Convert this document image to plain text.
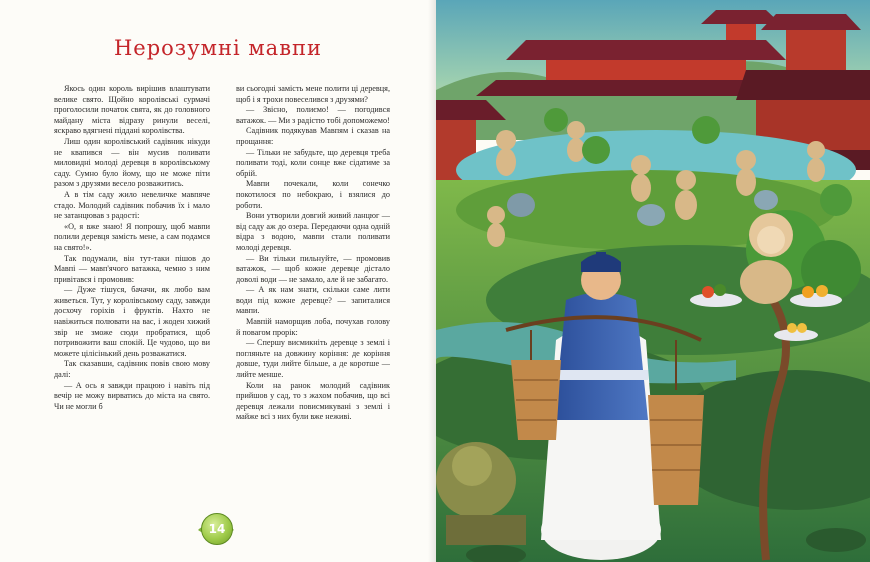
Нерозумні мавпи

Якось один король вирішив влаштувати велике свято. Щойно королівські сурмачі проголосили початок свята, як до головного майдану міста відразу ринули веселі, яскраво вдягнені піддані королівства.

Лиш один королівський садівник нікуди не квапився — він мусив поливати миловидні молоді деревця в королівському саду. Сумно було йому, що не може піти разом з друзями весело розважитись.

А в тім саду жило невеличке мавпяче стадо. Молодий садівник побачив їх і мало не затанцював з радості:

«О, я вже знаю! Я попрошу, щоб мавпи полили деревця замість мене, а сам подамся на свято!».

Так подумали, він тут-таки пішов до Мавпі — мавп'ячого ватажка, чемно з ним привітався і промовив:

— Дуже тішуся, бачачи, як любо вам живеться. Тут, у королівському саду, завжди досхочу горіхів і фруктів. Нахто не навіжиться полювати на вас, і жоден хижий звір не зможе сюди пробратися, щоб потривожити ваш спокій. Це чудово, що ви можете цілісінький день розважатися.

Так сказавши, садівник повів свою мову далі:

— А ось я завжди працюю і навіть під вечір не можу вирватись до міста на свято. Чи не могли б

ви сьогодні замість мене полити ці деревця, щоб і я трохи повеселився з друзями?

— Звісно, полиємо! — погодився ватажок. — Ми з радістю тобі допоможемо!

Садівник подякував Мавпям і сказав на прощання:

— Тільки не забудьте, що деревця треба поливати тоді, коли сонце вже сідатиме за обрій.

Мавпи почекали, коли сонечко покотилося по небокраю, і взялися до роботи.

Вони утворили довгий живий ланцюг — від саду аж до озера. Передаючи одна одній відра з водою, мавпи стали поливати молоді деревця.

— Ви тільки пильнуйте, — промовив ватажок, — щоб кожне деревце дістало доволі води — не замало, але й не забагато.

— А як нам знати, скільки саме лити води під кожне деревце? — запиталися мавпи.

Мавпій наморщив лоба, почухав голову й повагом прорік:

— Спершу висмикніть деревце з землі і погляньте на довжину коріння: де коріння довше, туди лийте більше, а де коротше — лийте менше.

Коли на ранок молодий садівник прийшов у сад, то з жахом побачив, що всі деревця лежали повисмикувані з землі і майже всі з них були вже неживі.

14
